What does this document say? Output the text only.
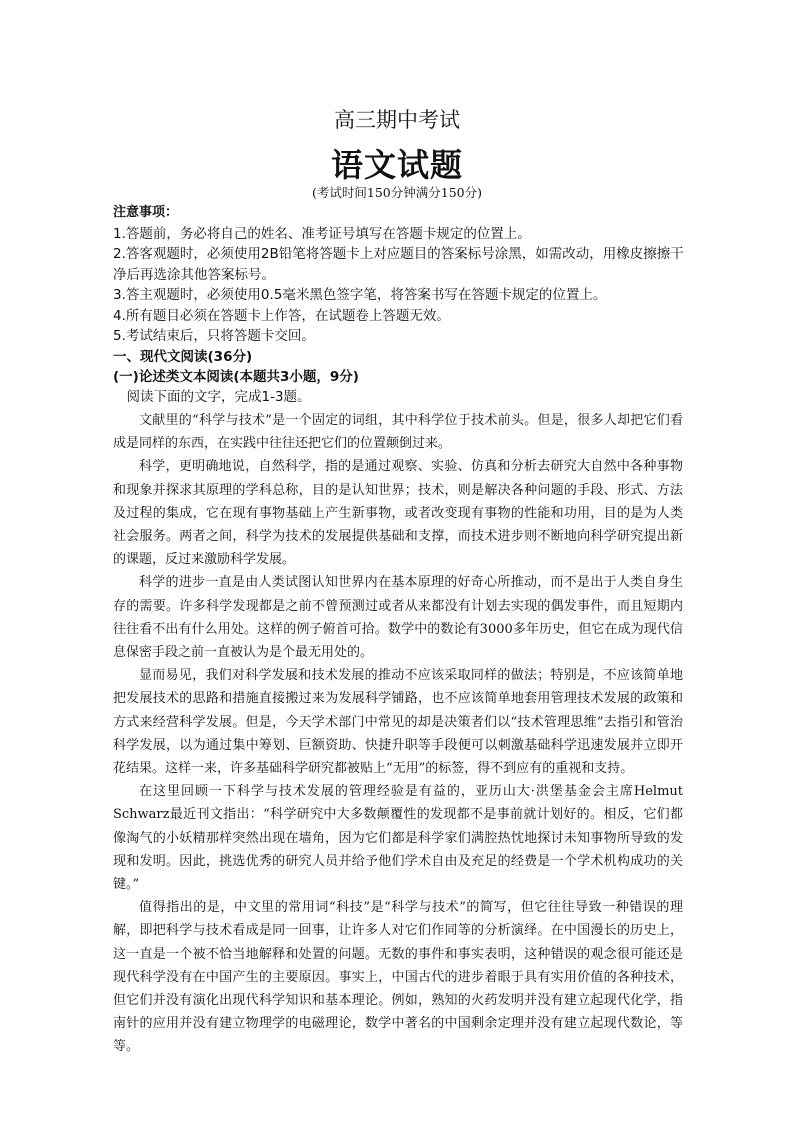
高三期中考试
语文试题
(考试时间150分钟满分150分)
注意事项：
1.答题前，务必将自己的姓名、准考证号填写在答题卡规定的位置上。
2.答客观题时，必须使用2B铅笔将答题卡上对应题目的答案标号涂黑，如需改动，用橡皮擦擦干净后再选涂其他答案标号。
3.答主观题时，必须使用0.5毫米黑色签字笔，将答案书写在答题卡规定的位置上。
4.所有题目必须在答题卡上作答，在试题卷上答题无效。
5.考试结束后，只将答题卡交回。
一、现代文阅读(36分)
(一)论述类文本阅读(本题共3小题，9分)

阅读下面的文字，完成1-3题。

文献里的“科学与技术”是一个固定的词组，其中科学位于技术前头。但是，很多人却把它们看成是同样的东西，在实践中往往还把它们的位置颠倒过来。

科学，更明确地说，自然科学，指的是通过观察、实验、仿真和分析去研究大自然中各种事物和现象并探求其原理的学科总称，目的是认知世界；技术，则是解决各种问题的手段、形式、方法及过程的集成，它在现有事物基础上产生新事物，或者改变现有事物的性能和功用，目的是为人类社会服务。两者之间，科学为技术的发展提供基础和支撑，而技术进步则不断地向科学研究提出新的课题，反过来激励科学发展。

科学的进步一直是由人类试图认知世界内在基本原理的好奇心所推动，而不是出于人类自身生存的需要。许多科学发现都是之前不曾预测过或者从来都没有计划去实现的偶发事件，而且短期内往往看不出有什么用处。这样的例子俯首可拾。数学中的数论有3000多年历史，但它在成为现代信息保密手段之前一直被认为是个最无用处的。

显而易见，我们对科学发展和技术发展的推动不应该采取同样的做法；特别是，不应该简单地把发展技术的思路和措施直接搬过来为发展科学铺路，也不应该简单地套用管理技术发展的政策和方式来经营科学发展。但是，今天学术部门中常见的却是决策者们以“技术管理思维”去指引和管治科学发展，以为通过集中筹划、巨额资助、快捷升职等手段便可以刺激基础科学迅速发展并立即开花结果。这样一来，许多基础科学研究都被贴上“无用”的标签，得不到应有的重视和支持。

在这里回顾一下科学与技术发展的管理经验是有益的，亚历山大·洪堡基金会主席Helmut Schwarz最近刊文指出：“科学研究中大多数颠覆性的发现都不是事前就计划好的。相反，它们都像淘气的小妖精那样突然出现在墙角，因为它们都是科学家们满腔热忱地探讨未知事物所导致的发现和发明。因此，挑选优秀的研究人员并给予他们学术自由及充足的经费是一个学术机构成功的关键。”

值得指出的是，中文里的常用词“科技”是“科学与技术”的简写，但它往往导致一种错误的理解，即把科学与技术看成是同一回事，让许多人对它们作同等的分析演绎。在中国漫长的历史上，这一直是一个被不恰当地解释和处置的问题。无数的事件和事实表明，这种错误的观念很可能还是现代科学没有在中国产生的主要原因。事实上，中国古代的进步着眼于具有实用价值的各种技术，但它们并没有演化出现代科学知识和基本理论。例如，熟知的火药发明并没有建立起现代化学，指南针的应用并没有建立物理学的电磁理论，数学中著名的中国剩余定理并没有建立起现代数论，等等。
